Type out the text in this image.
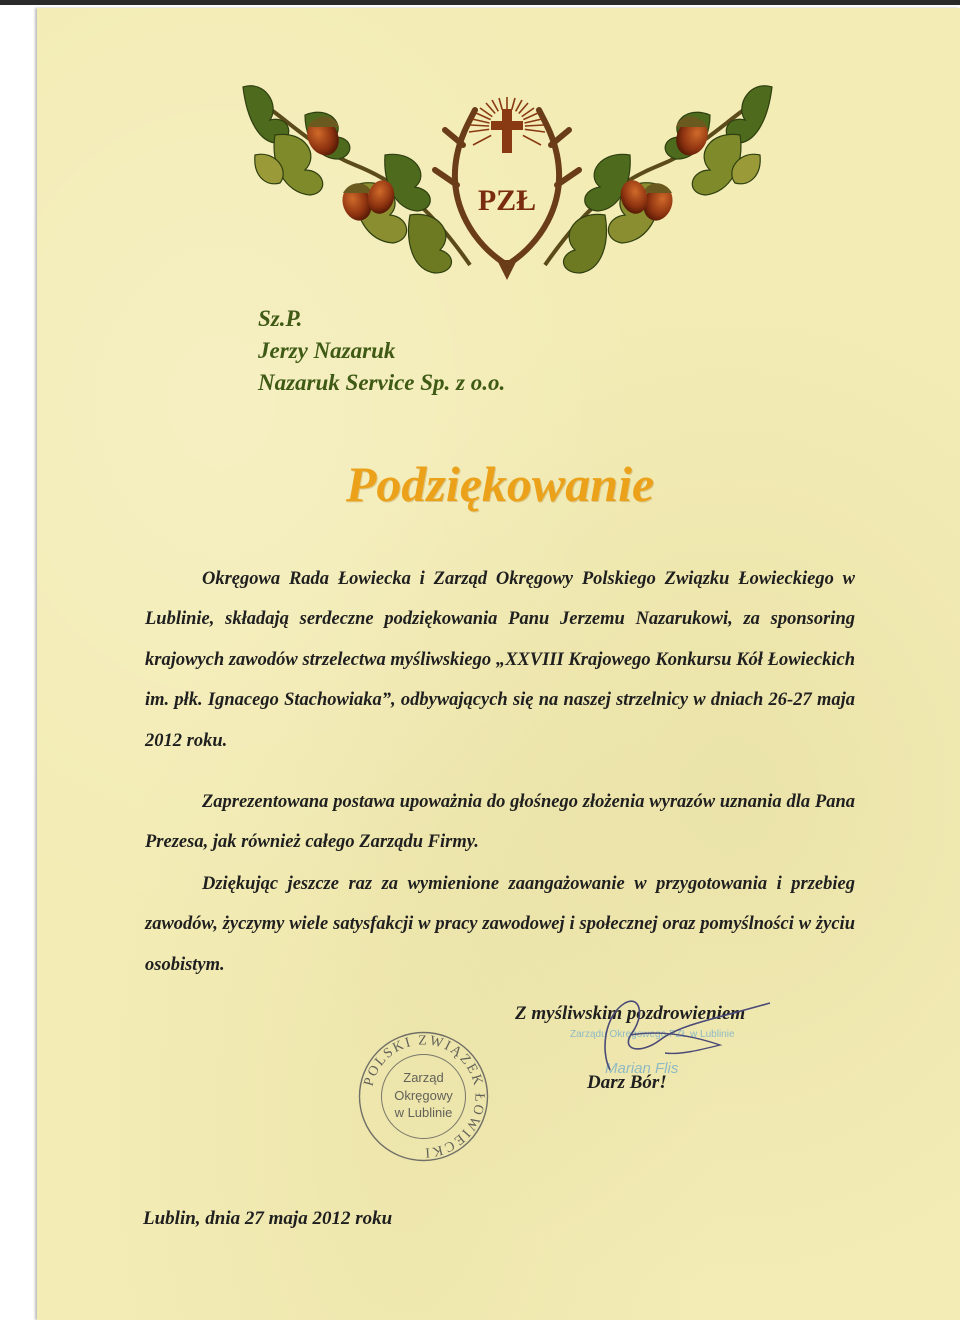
PZŁ
Sz.P.
Jerzy Nazaruk
Nazaruk Service Sp. z o.o.
Podziękowanie

Okręgowa Rada Łowiecka i Zarząd Okręgowy Polskiego Związku Łowieckiego w Lublinie, składają serdeczne podziękowania Panu Jerzemu Nazarukowi, za sponsoring krajowych zawodów strzelectwa myśliwskiego „XXVIII Krajowego Konkursu Kół Łowieckich im. płk. Ignacego Stachowiaka”, odbywających się na naszej strzelnicy w dniach 26-27 maja 2012 roku.

Zaprezentowana postawa upoważnia do głośnego złożenia wyrazów uznania dla Pana Prezesa, jak również całego Zarządu Firmy.

Dziękując jeszcze raz za wymienione zaangażowanie w przygotowania i przebieg zawodów, życzymy wiele satysfakcji w pracy zawodowej i społecznej oraz pomyślności w życiu osobistym.

Zarządu Okręgowego PZŁ w Lublinie
Marian Flis
Z myśliwskim pozdrowieniem
Darz Bór!
POLSKI ZWIĄZEK ŁOWIECKI
Zarząd
Okręgowy
w Lublinie
Lublin, dnia 27 maja 2012 roku
